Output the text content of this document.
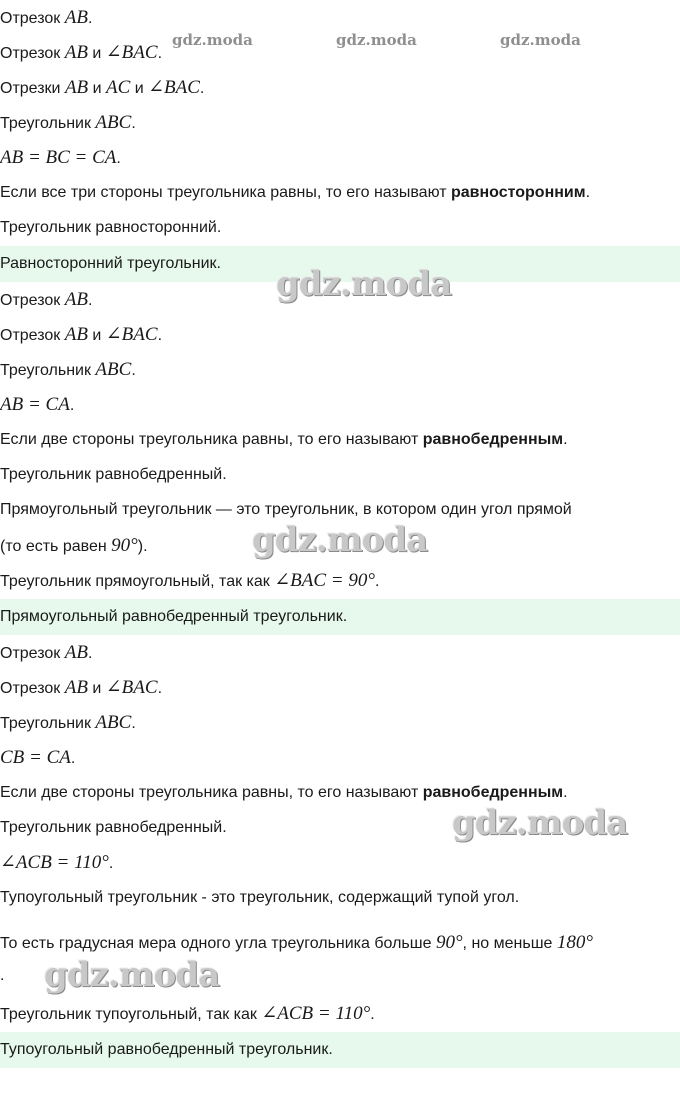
Отрезок AB.
Отрезок AB и ∠BAC.
Отрезки AB и AC и ∠BAC.
Треугольник ABC.
AB = BC = CA.
Если все три стороны треугольника равны, то его называют равносторонним.
Треугольник равносторонний.
Равносторонний треугольник.
Отрезок AB.
Отрезок AB и ∠BAC.
Треугольник ABC.
AB = CA.
Если две стороны треугольника равны, то его называют равнобедренным.
Треугольник равнобедренный.
Прямоугольный треугольник — это треугольник, в котором один угол прямой
(то есть равен 90°).
Треугольник прямоугольный, так как ∠BAC = 90°.
Прямоугольный равнобедренный треугольник.
Отрезок AB.
Отрезок AB и ∠BAC.
Треугольник ABC.
CB = CA.
Если две стороны треугольника равны, то его называют равнобедренным.
Треугольник равнобедренный.
∠ACB = 110°.
Тупоугольный треугольник - это треугольник, содержащий тупой угол.
То есть градусная мера одного угла треугольника больше 90°, но меньше 180°
.
Треугольник тупоугольный, так как ∠ACB = 110°.
Тупоугольный равнобедренный треугольник.
gdz.moda	gdz.moda	gdz.moda
gdz.moda
gdz.moda
gdz.moda
gdz.moda
